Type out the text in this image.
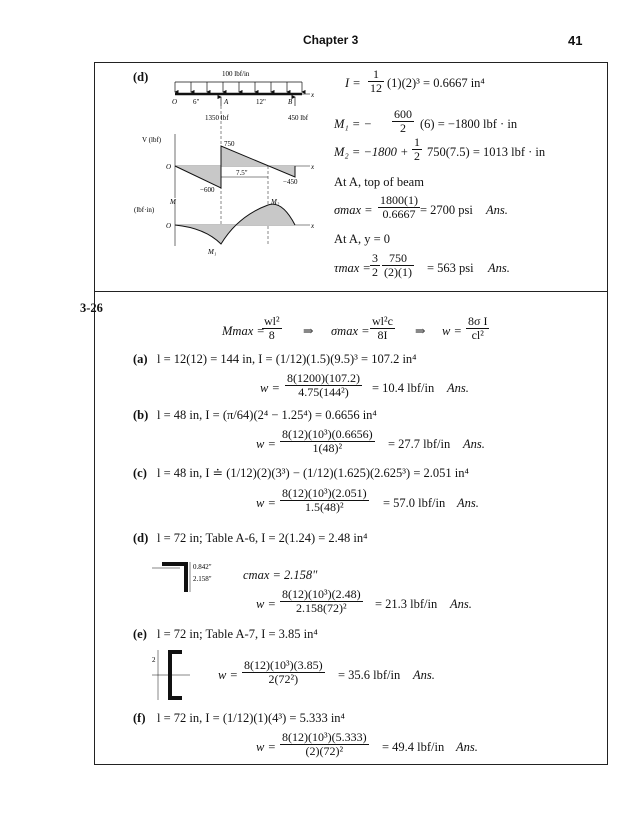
Chapter 3	41
(d)	100 lbf/in
x
O 6"	A	12"	B
1350 lbf	450 lbf
V (lbf)
x
O
750
−600
−450
7.5"
M
(lbf·in)
x
O
M₁
M₂
$I = \frac{1}{12} (1)(2)^3 = 0.6667$ in⁴
M₁ = − $\frac{600}{2} (6) = -1800$ lbf · in
$M_2 = -1800 + \frac{1}{2} 750(7.5) = 1013$ lbf · in
At A, top of beam
$\sigma\max = \frac{1800(1)}{0.6667} = 2700$ psi Ans.
At A, y = 0
$\tau\max = \frac{3}{2} \frac{750}{(2)(1)} = 563$ psi Ans.
3-26
Mmax =
$\frac{\text{wl²}}{8}$ ⇒ $\sigma\max = \frac{\text{wl²c}}{8I}$ ⇒ $w = \frac{\text{8σ I}}{\text{cl²}}$
(a) l = 12(12) = 144 in, I = (1/12)(1.5)(9.5)³ = 107.2 in⁴
$w = \frac{8(1200)(107.2)}{\text{4.75(144²)}} = 10.4$ lbf/in Ans.
(b) l = 48 in, I = (π/64)(2⁴ − 1.25⁴) = 0.6656 in⁴
$w = \frac{\text{8(12)(10³)(0.6656)}}{\text{1(48)²}} = 27.7$ lbf/in Ans.
(c) l = 48 in, I ≐ (1/12)(2)(3³) − (1/12)(1.625)(2.625³) = 2.051 in⁴
$w = \frac{\text{8(12)(10³)(2.051)}}{\text{1.5(48)²}} = 57.0$ lbf/in Ans.
(d) l = 72 in; Table A-6, I = 2(1.24) = 2.48 in⁴
0.842"
2.158"	cmax = 2.158"
$w = \frac{\text{8(12)(10³)(2.48)}}{\text{2.158(72)²}} = 21.3$ lbf/in Ans.
(e) l = 72 in; Table A-7, I = 3.85 in⁴
2
$w = \frac{\text{8(12)(10³)(3.85)}}{\text{2(72²)}} = 35.6$ lbf/in Ans.
(f) l = 72 in, I = (1/12)(1)(4³) = 5.333 in⁴
$w = \frac{\text{8(12)(10³)(5.333)}}{\text{(2)(72)²}} = 49.4$ lbf/in Ans.
